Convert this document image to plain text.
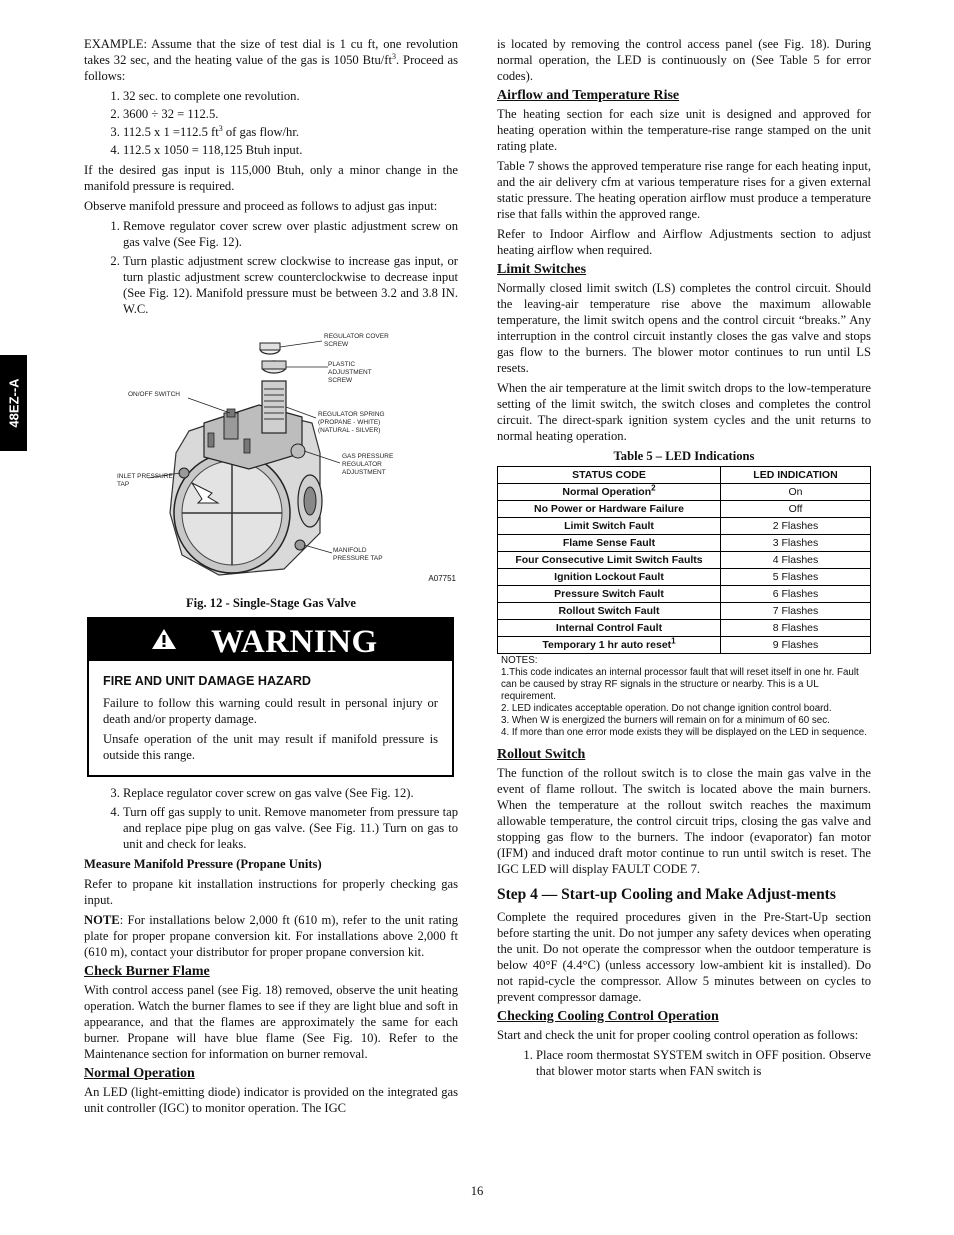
48EZ--A

EXAMPLE: Assume that the size of test dial is 1 cu ft, one revolution takes 32 sec, and the heating value of the gas is 1050 Btu/$ft^3$. Proceed as follows:

1. 32 sec. to complete one revolution.
2. 3600 ÷ 32 = 112.5.
3. 112.5 x 1 =112.5 $ft^3$ of gas flow/hr.
4. 112.5 x 1050 = 118,125 Btuh input.

If the desired gas input is 115,000 Btuh, only a minor change in the manifold pressure is required.

Observe manifold pressure and proceed as follows to adjust gas input:

1. Remove regulator cover screw over plastic adjustment screw on gas valve (See Fig. 12).
2. Turn plastic adjustment screw clockwise to increase gas input, or turn plastic adjustment screw counterclockwise to decrease input (See Fig. 12). Manifold pressure must be between 3.2 and 3.8 IN. W.C.
REGULATOR COVER SCREW
PLASTIC ADJUSTMENT SCREW
ON/OFF SWITCH
REGULATOR SPRING (PROPANE - WHITE) (NATURAL - SILVER)
GAS PRESSURE REGULATOR ADJUSTMENT
INLET PRESSURE TAP
MANIFOLD PRESSURE TAP
A07751
Fig. 12 - Single-Stage Gas Valve
WARNING
FIRE AND UNIT DAMAGE HAZARD

Failure to follow this warning could result in personal injury or death and/or property damage.

Unsafe operation of the unit may result if manifold pressure is outside this range.

3. Replace regulator cover screw on gas valve (See Fig. 12).
4. Turn off gas supply to unit. Remove manometer from pressure tap and replace pipe plug on gas valve. (See Fig. 11.) Turn on gas to unit and check for leaks.
Measure Manifold Pressure (Propane Units)

Refer to propane kit installation instructions for properly checking gas input.

NOTE: For installations below 2,000 ft (610 m), refer to the unit rating plate for proper propane conversion kit. For installations above 2,000 ft (610 m), contact your distributor for proper propane conversion kit.

Check Burner Flame

With control access panel (see Fig. 18) removed, observe the unit heating operation. Watch the burner flames to see if they are light blue and soft in appearance, and that the flames are approximately the same for each burner. Propane will have blue flame (See Fig. 10). Refer to the Maintenance section for information on burner removal.

Normal Operation

An LED (light-emitting diode) indicator is provided on the integrated gas unit controller (IGC) to monitor operation. The IGC

is located by removing the control access panel (see Fig. 18). During normal operation, the LED is continuously on (See Table 5 for error codes).

Airflow and Temperature Rise

The heating section for each size unit is designed and approved for heating operation within the temperature-rise range stamped on the unit rating plate.

Table 7 shows the approved temperature rise range for each heating input, and the air delivery cfm at various temperature rises for a given external static pressure. The heating operation airflow must produce a temperature rise that falls within the approved range.

Refer to Indoor Airflow and Airflow Adjustments section to adjust heating airflow when required.

Limit Switches

Normally closed limit switch (LS) completes the control circuit. Should the leaving-air temperature rise above the maximum allowable temperature, the limit switch opens and the control circuit “breaks.” Any interruption in the control circuit instantly closes the gas valve and stops gas flow to the burners. The blower motor continues to run until LS resets.

When the air temperature at the limit switch drops to the low-temperature setting of the limit switch, the switch closes and completes the control circuit. The direct-spark ignition system cycles and the unit returns to normal heating operation.

Table 5 – LED Indications
STATUS CODE	LED INDICATION
Normal Operation$^2$	On
No Power or Hardware Failure	Off
Limit Switch Fault	2 Flashes
Flame Sense Fault	3 Flashes
Four Consecutive Limit Switch Faults	4 Flashes
Ignition Lockout Fault	5 Flashes
Pressure Switch Fault	6 Flashes
Rollout Switch Fault	7 Flashes
Internal Control Fault	8 Flashes
Temporary 1 hr auto reset$^1$	9 Flashes
NOTES:
1.This code indicates an internal processor fault that will reset itself in one hr. Fault can be caused by stray RF signals in the structure or nearby. This is a UL requirement.
2. LED indicates acceptable operation. Do not change ignition control board.
3. When W is energized the burners will remain on for a minimum of 60 sec.
4. If more than one error mode exists they will be displayed on the LED in sequence.
Rollout Switch

The function of the rollout switch is to close the main gas valve in the event of flame rollout. The switch is located above the main burners. When the temperature at the rollout switch reaches the maximum allowable temperature, the control circuit trips, closing the gas valve and stopping gas flow to the burners. The indoor (evaporator) fan motor (IFM) and induced draft motor continue to run until switch is reset. The IGC LED will display FAULT CODE 7.

Step 4 — Start-up Cooling and Make Adjust-ments

Complete the required procedures given in the Pre-Start-Up section before starting the unit. Do not jumper any safety devices when operating the unit. Do not operate the compressor when the outdoor temperature is below 40°F (4.4°C) (unless accessory low-ambient kit is installed). Do not rapid-cycle the compressor. Allow 5 minutes between on cycles to prevent compressor damage.

Checking Cooling Control Operation

Start and check the unit for proper cooling control operation as follows:

1. Place room thermostat SYSTEM switch in OFF position. Observe that blower motor starts when FAN switch is
16
